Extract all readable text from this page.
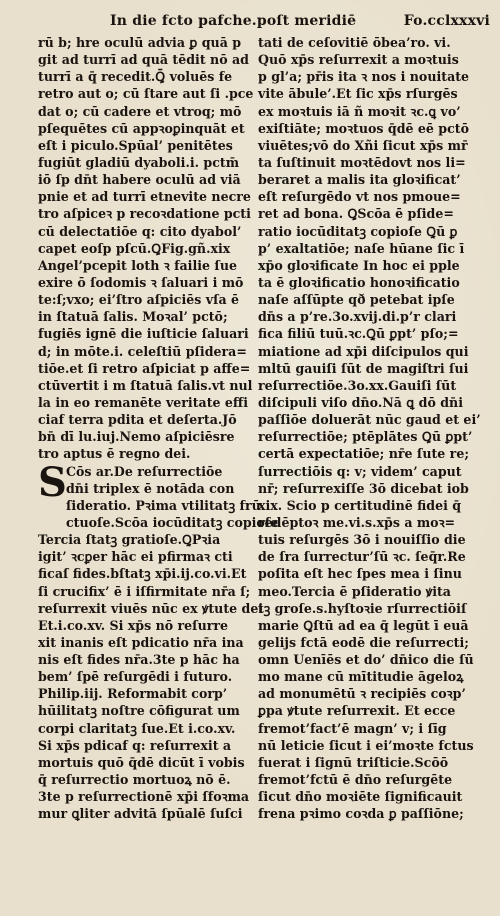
In die fcto pafche.poſt meridiē	Fo.cclxxxvi
rū b; hre oculū advia ꝑ quā p
git ad turrī ad quā tēdit nō ad
turrī a q̄ recedit.Ꝗ̄ voluēs fe
retro aut o; cū ſtare aut ſi .pce
dat o; cū cadere et vtroq; mō
pſequētes cū appꝛoꝑinquāt et
eſt i piculo.Spūal’ penitētes
fugiūt gladiū dyaboli.i. pctm̄
iō ſp dn̄t habere oculū ad viā
pnie et ad turrī etnevite necre
tro aſpiceꝛ p recoꝛdatione pcti
cū delectatiōe q: cito dyabol’
capet eoſp pſcū.ꝖFig.gñ.xix
Angel’pcepit loth ꝛ failie ſue
exire ō ſodomis ꝛ ſaluari i mō
te:ſ;vxo; ei’ſtro aſpiciēs vſa ē
in ſtatuā ſalis. Moꝛal’ pctō;
fugiēs ignē die iuſticie ſaluari
d; in mōte.i. celeſtiū pſidera=
tiōe.et ſi retro aſpiciat p affe=
ctūvertit i m ſtatuā ſalis.vt nul
la in eo remanēte veritate effi
ciaf terra pdita et deſerta.Jō
bn̄ dī lu.iuj.Nemo aſpiciēsre
tro aptus ē regno dei.
S Cōs ar.De reſurrectiōe
dn̄i triplex ē notāda con
ſideratio. Pꝛima vtilitatꝫ frū
ctuoſe.Scōa iocūditatꝫ copioſe
Tercia ſtatꝫ gratioſe.ꝖPꝛia
igit’ ꝛcꝑer hāc ei pfirmaꝛ cti
ficaſ fides.bſtatꝫ xp̄i.ij.co.vi.Et
ſi crucifix’ ē i iſfirmitate nr̄a ſ;
reſurrexit viuēs nūc ex ꝟtute dei
Et.i.co.xv. Si xp̄s nō reſurre
xit inanis eſt pdicatio nr̄a ina
nis eſt fides nr̄a.3te p hāc ha
bem’ ſpē reſurgēdi i futuro.
Philip.iij. Reformabit corp’
hūilitatꝫ noſtre cōfigurat um
corpi claritatꝫ ſue.Et i.co.xv.
Si xp̄s pdicaf q: reſurrexit a
mortuis quō q̄dē dicūt ī vobis
q̄ reſurrectio mortuoꝝ nō ē.
3te p reſurrectionē xp̄i ſfoꝛma
mur ꝗliter advitā ſpūalē ſuſci
tati de ceſovitiē ōbea’ro. vi.
Quō xp̄s reſurrexit a moꝛtuis
p gl’a; pr̄is ita ꝛ nos i nouitate
vite ābule’.Et ſic xp̄s rſurgēs
ex moꝛtuis iā ñ moꝛit ꝛc.ꝗ vo’
exiſtiāte; moꝛtuos q̄dē eē pctō
viuētes;vō do Xñi ſicut xp̄s mr̄
ta ſuſtinuit moꝛtēdovt nos li=
beraret a malis ita gloꝛificat’
eſt reſurgēdo vt nos pmoue=
ret ad bona. ꝖScōa ē pſide=
ratio iocūditatꝫ copioſe Ꝗū ꝑ
p’ exaltatiōe; naſe hūane ſic ī
xp̄o gloꝛificate In hoc ei pple
ta ē gloꝛificatio honoꝛificatio
naſe aſſūpte qð petebat ipſe
dn̄s a p’re.3o.xvij.di.p’r clari
fica filiū tuū.ꝛc.Ꝗū ꝑpt’ pſo;=
miatione ad xp̄i diſcipulos qui
mltū gauiſi ſūt de magiſtri ſui
reſurrectiōe.3o.xx.Gauiſi ſūt
diſcipuli viſo dn̄o.Nā ꝗ dō dn̄i
paſſiōe doluerāt nūc gaud et ei’
reſurrectiōe; ptēplātes Ꝗū ꝑpt’
certā expectatiōe; nr̄e ſute re;
ſurrectiōis q: v; videm’ caput
nr̄; reſurrexiſſe 3ō dicebat iob
xix. Scio p certitudinē fidei q̄
redēptoꝛ me.vi.s.xp̄s a moꝛ=
tuis reſurgēs 3ō i nouiſſio die
de ſra ſurrectur’ſū ꝛc. ſeq̄r.Re
poſita eſt hec ſpes mea i ſinu
meo.Tercia ē pſideratio ꝟita
tꝫ groſe.s.hyſtoꝛie rſurrectiōiſ
marie Ꝗſtū ad ea q̄ legūt ī euā
gelijs fctā eodē die reſurrecti;
omn Uenīēs et do’ dn̄ico die ſū
mo mane cū mītitudie āgeloꝝ
ad monumētū ꝛ recipiēs coꝛp’
ꝑpa ꝟtute reſurrexit. Et ecce
fremot’fact’ē magn’ v; i ſīg
nū leticie ſicut i ei’moꝛte fctus
fuerat i ſignū triſticie.Scōō
fremot’fctū ē dn̄o reſurgēte
ſicut dn̄o moꝛiēte ſignificauit
frena pꝛimo coꝛda ꝑ paſſiōne;
